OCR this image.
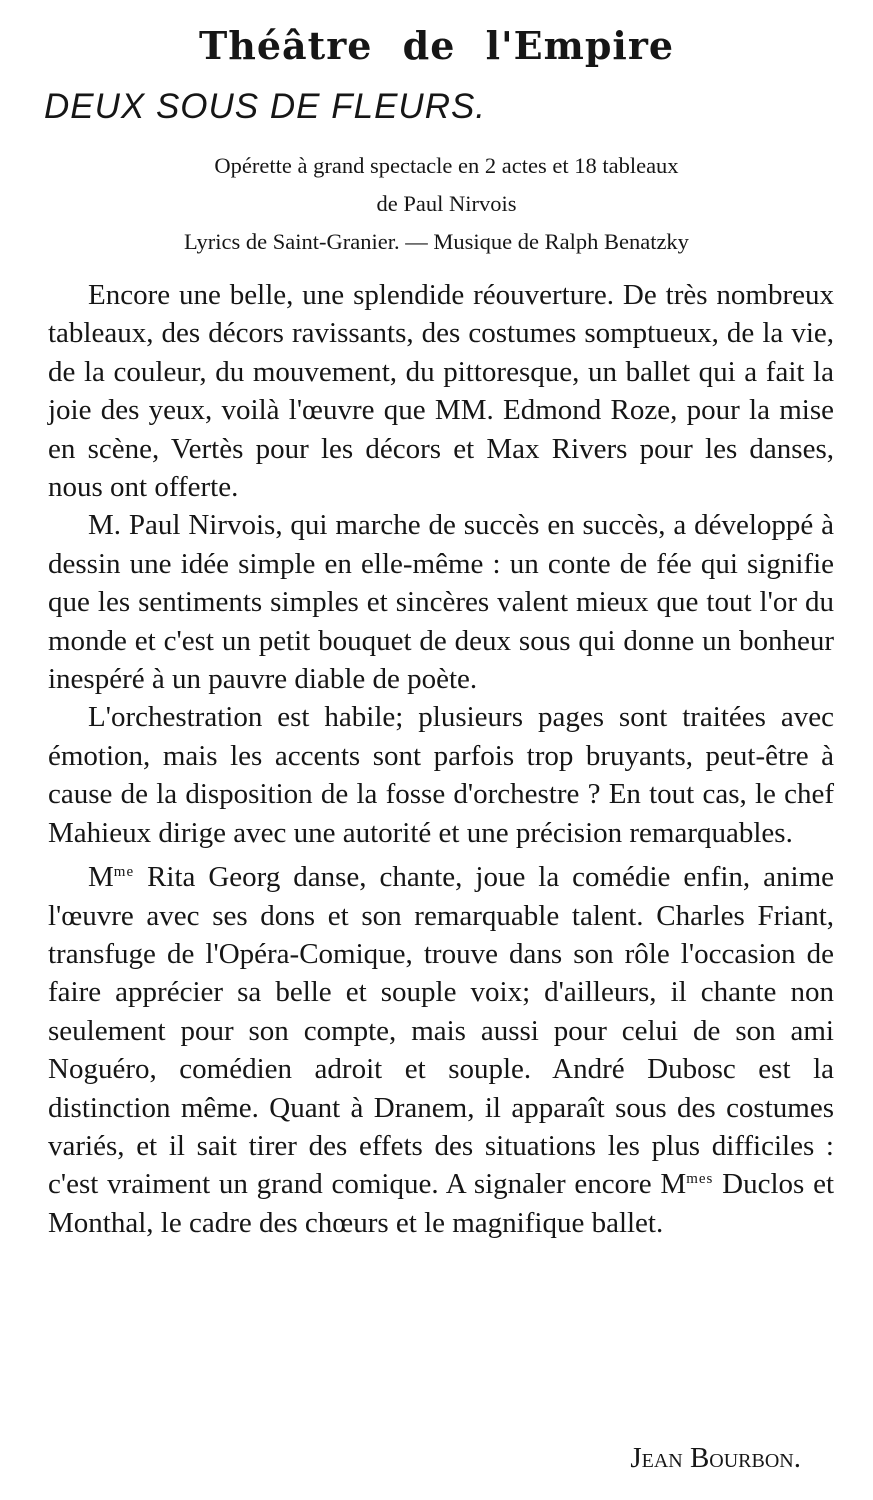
Théâtre de l'Empire
DEUX SOUS DE FLEURS.
Opérette à grand spectacle en 2 actes et 18 tableaux
de Paul Nirvois
Lyrics de Saint-Granier. — Musique de Ralph Benatzky

Encore une belle, une splendide réouverture. De très nombreux tableaux, des décors ravissants, des costumes somptueux, de la vie, de la couleur, du mouvement, du pittoresque, un ballet qui a fait la joie des yeux, voilà l'œuvre que MM. Edmond Roze, pour la mise en scène, Vertès pour les décors et Max Rivers pour les danses, nous ont offerte.

M. Paul Nirvois, qui marche de succès en succès, a développé à dessin une idée simple en elle-même : un conte de fée qui signifie que les sentiments simples et sincères valent mieux que tout l'or du monde et c'est un petit bouquet de deux sous qui donne un bonheur inespéré à un pauvre diable de poète.

L'orchestration est habile; plusieurs pages sont traitées avec émotion, mais les accents sont parfois trop bruyants, peut-être à cause de la disposition de la fosse d'orchestre ? En tout cas, le chef Mahieux dirige avec une autorité et une précision remarquables.

$M^{me}$ Rita Georg danse, chante, joue la comédie enfin, anime l'œuvre avec ses dons et son remarquable talent. Charles Friant, transfuge de l'Opéra-Comique, trouve dans son rôle l'occasion de faire apprécier sa belle et souple voix; d'ailleurs, il chante non seulement pour son compte, mais aussi pour celui de son ami Noguéro, comédien adroit et souple. André Dubosc est la distinction même. Quant à Dranem, il apparaît sous des costumes variés, et il sait tirer des effets des situations les plus difficiles : c'est vraiment un grand comique. A signaler encore $M^{mes}$ Duclos et Monthal, le cadre des chœurs et le magnifique ballet.

Jean Bourbon.
